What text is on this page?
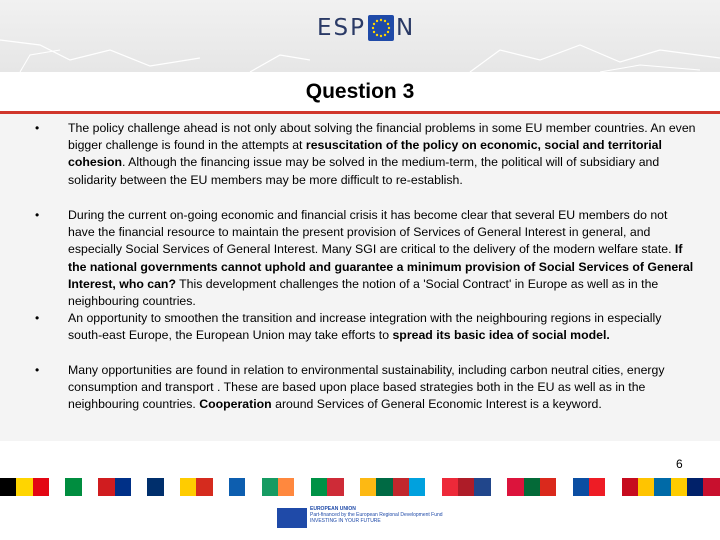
ESP N
Question 3
• The policy challenge ahead is not only about solving the financial problems in some EU member countries. An even bigger challenge is found in the attempts at resuscitation of the policy on economic, social and territorial cohesion. Although the financing issue may be solved in the medium-term, the political will of subsidiary and solidarity between the EU members may be more difficult to re-establish.
• During the current on-going economic and financial crisis it has become clear that several EU members do not have the financial resource to maintain the present provision of Services of General Interest in general, and especially Social Services of General Interest. Many SGI are critical to the delivery of the modern welfare state. If the national governments cannot uphold and guarantee a minimum provision of Social Services of General Interest, who can? This development challenges the notion of a 'Social Contract' in Europe as well as in the neighbouring countries.
• An opportunity to smoothen the transition and increase integration with the neighbouring regions in especially south-east Europe, the European Union may take efforts to spread its basic idea of social model.
• Many opportunities are found in relation to environmental sustainability, including carbon neutral cities, energy consumption and transport . These are based upon place based strategies both in the EU as well as in the neighbouring countries. Cooperation around Services of General Economic Interest is a keyword.
6
EUROPEAN UNION
Part-financed by the European Regional Development Fund
INVESTING IN YOUR FUTURE
